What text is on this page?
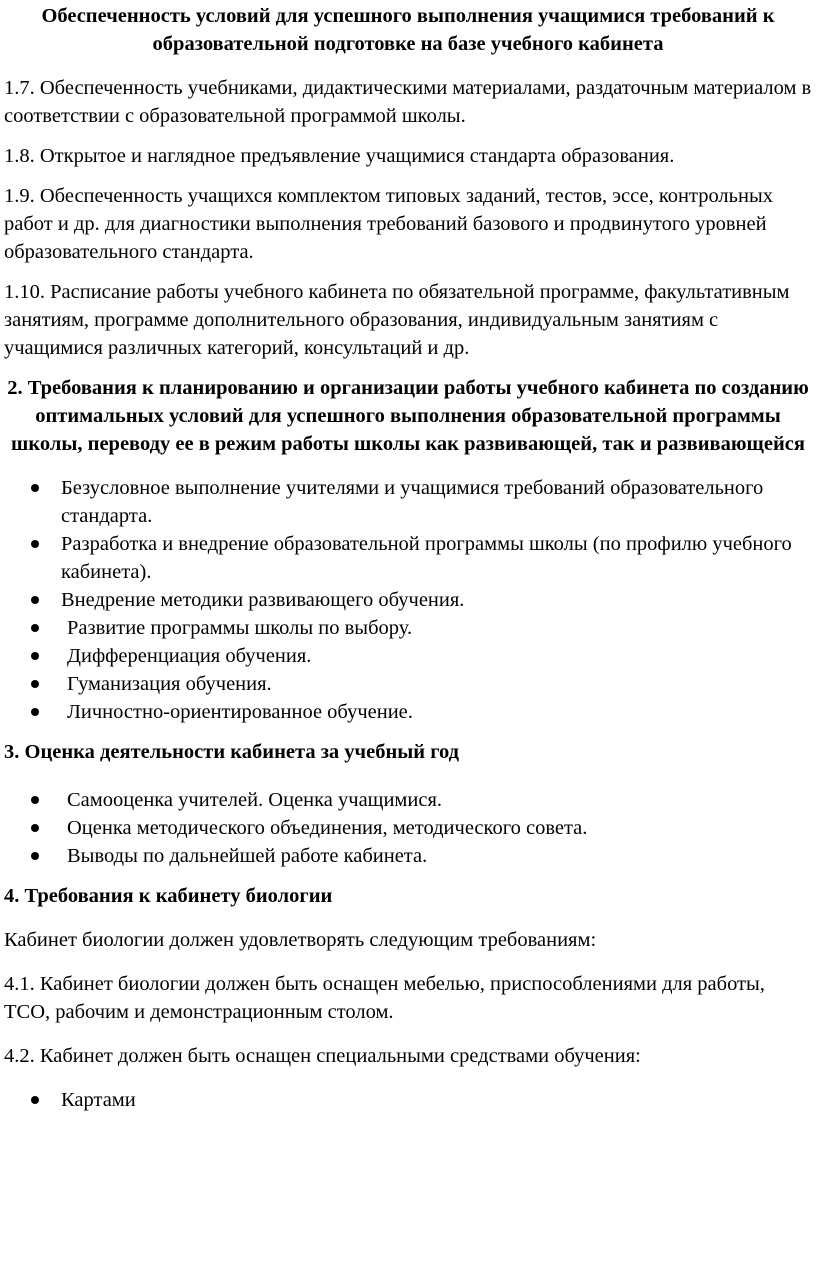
Обеспеченность условий для успешного выполнения учащимися требований к образовательной подготовке на базе учебного кабинета

1.7. Обеспеченность учебниками, дидактическими материалами, раздаточным материалом в соответствии с образовательной программой школы.

1.8. Открытое и наглядное предъявление учащимися стандарта образования.

1.9. Обеспеченность учащихся комплектом типовых заданий, тестов, эссе, контрольных работ и др. для диагностики выполнения требований базового и продвинутого уровней образовательного стандарта.

1.10. Расписание работы учебного кабинета по обязательной программе, факультативным занятиям, программе дополнительного образования, индивидуальным занятиям с учащимися различных категорий, консультаций и др.

2. Требования к планированию и организации работы учебного кабинета по созданию оптимальных условий для успешного выполнения образовательной программы школы, переводу ее в режим работы школы как развивающей, так и развивающейся

Безусловное выполнение учителями и учащимися требований образовательного стандарта.
Разработка и внедрение образовательной программы школы (по профилю учебного кабинета).
Внедрение методики развивающего обучения.
Развитие программы школы по выбору.
Дифференциация обучения.
Гуманизация обучения.
Личностно-ориентированное обучение.

3. Оценка деятельности кабинета за учебный год

Самооценка учителей. Оценка учащимися.
Оценка методического объединения, методического совета.
Выводы по дальнейшей работе кабинета.

4. Требования к кабинету биологии

Кабинет биологии должен удовлетворять следующим требованиям:

4.1. Кабинет биологии должен быть оснащен мебелью, приспособлениями для работы, ТСО, рабочим и демонстрационным столом.

4.2. Кабинет должен быть оснащен специальными средствами обучения:

Картами
